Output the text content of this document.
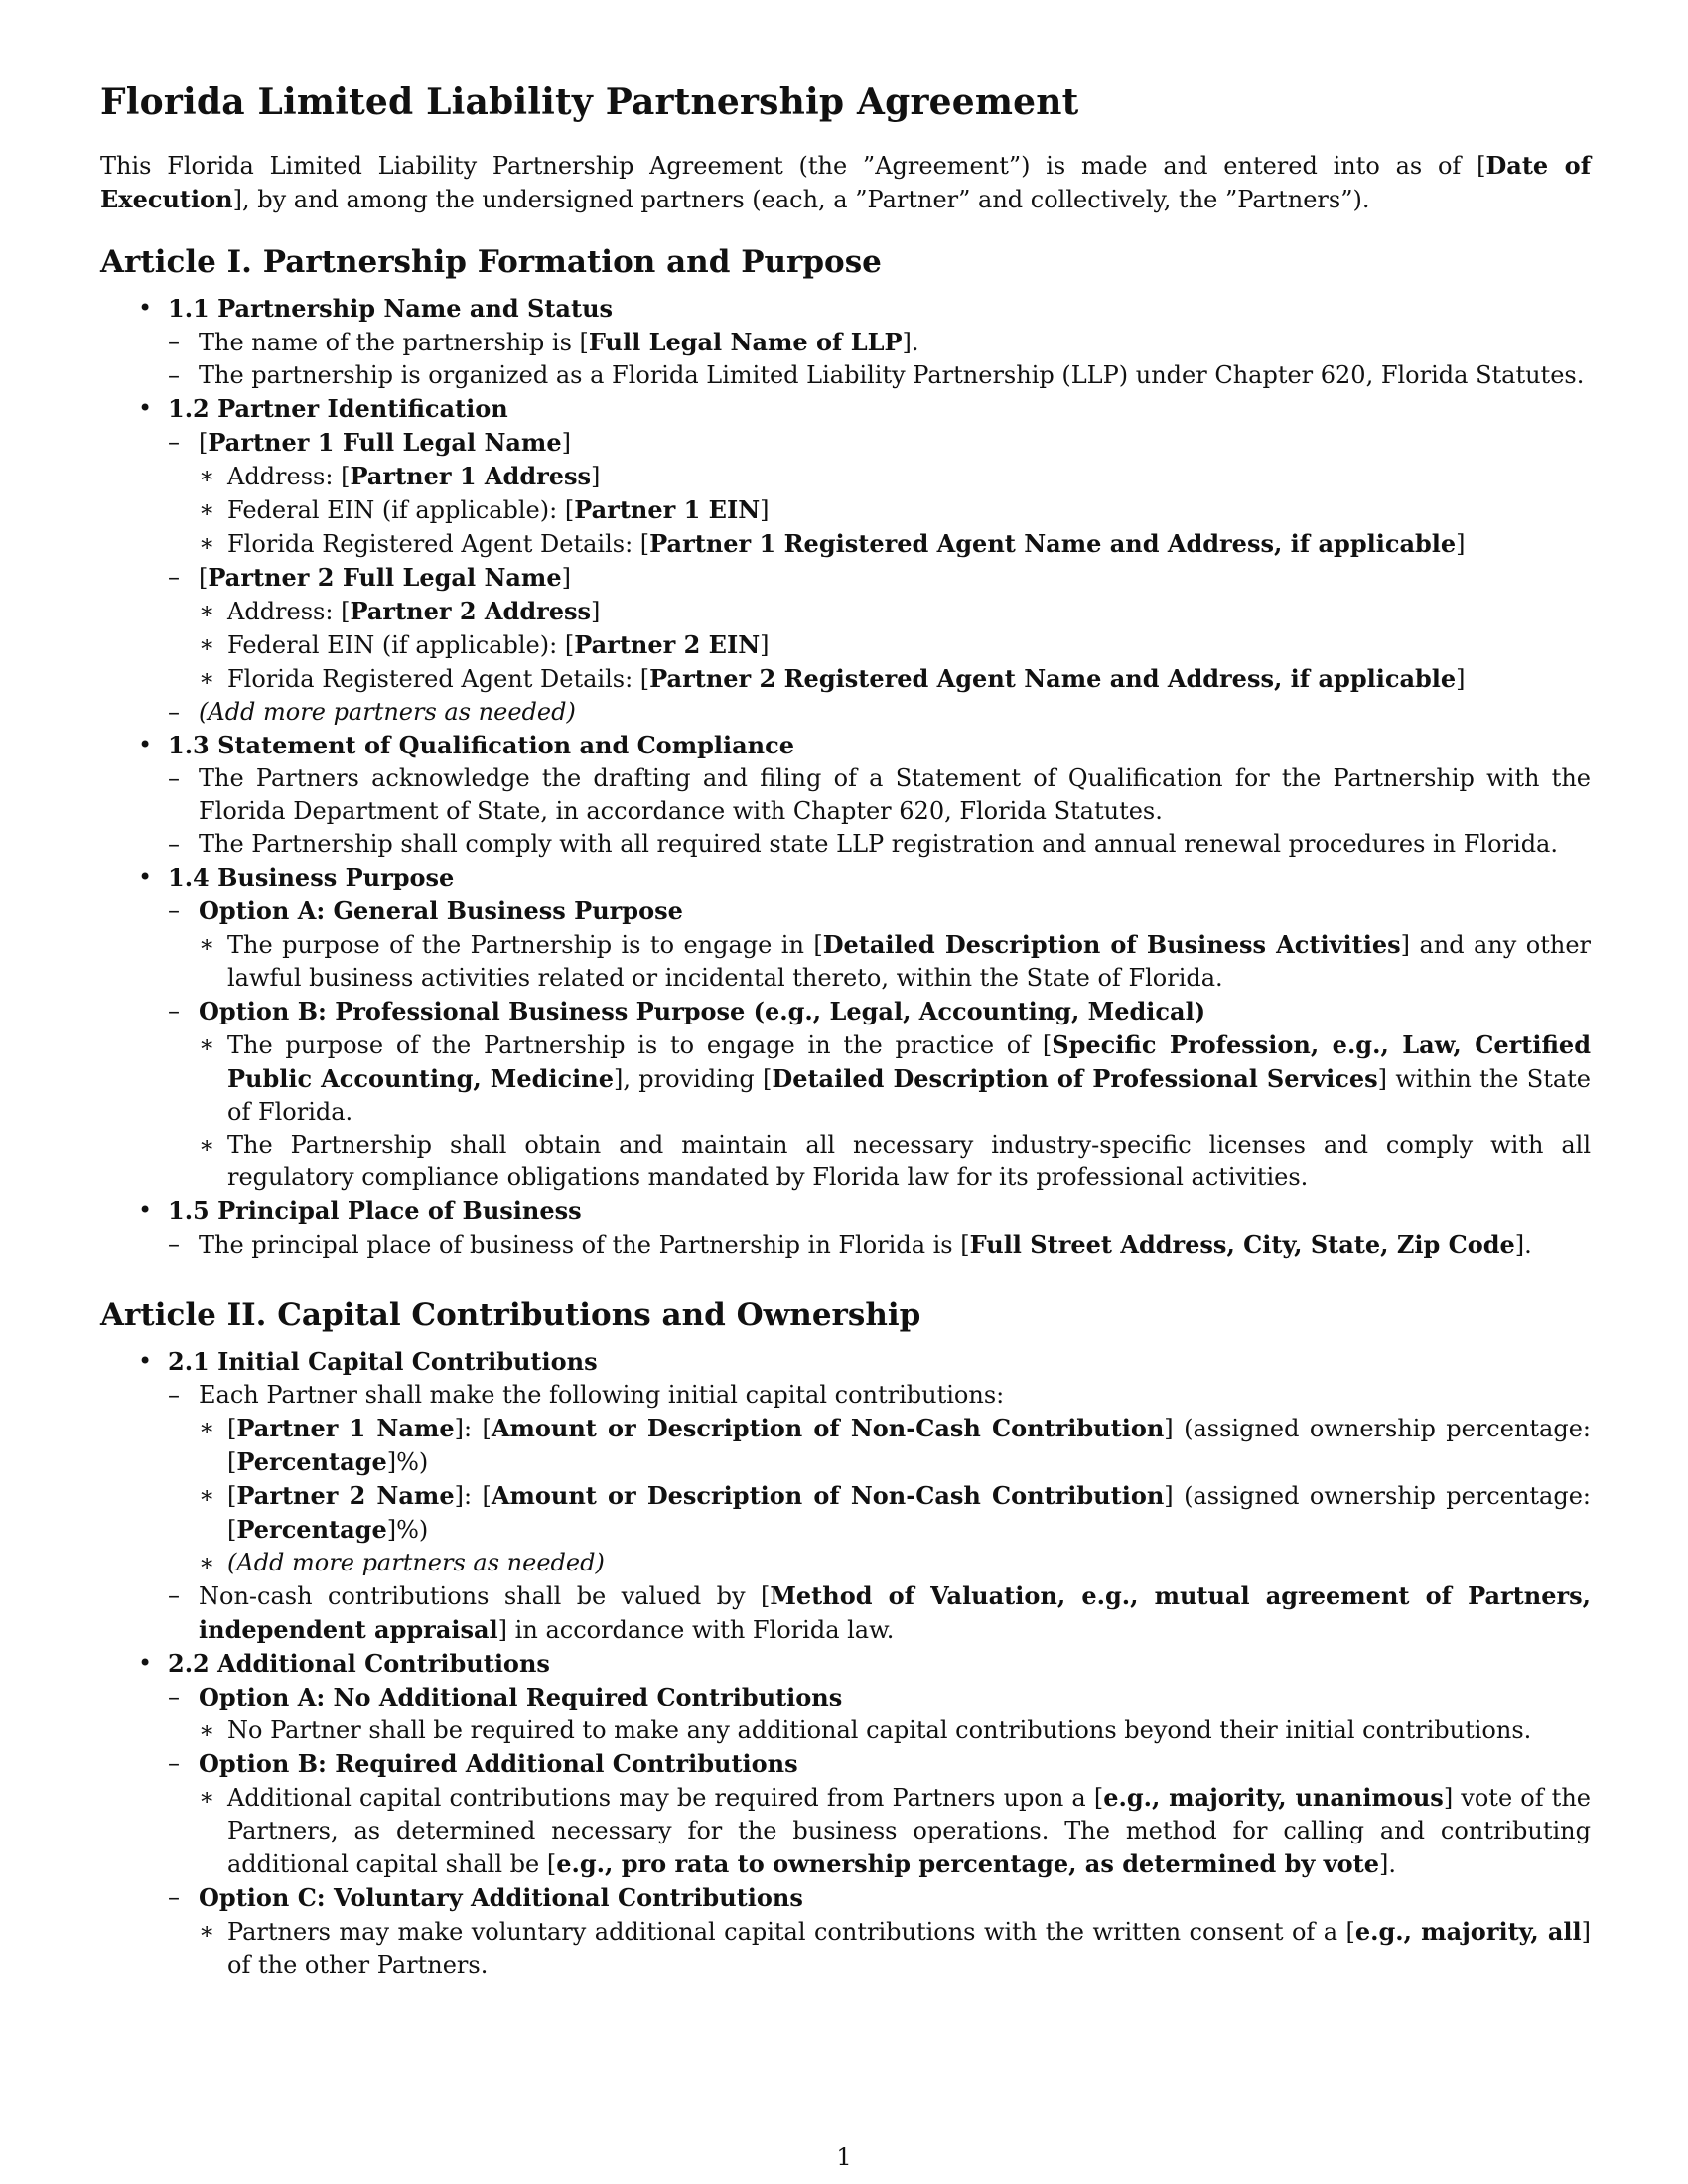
Florida Limited Liability Partnership Agreement

This Florida Limited Liability Partnership Agreement (the ”Agreement”) is made and entered into as of [Date of Execution], by and among the undersigned partners (each, a ”Partner” and collectively, the ”Partners”).

Article I. Partnership Formation and Purpose
• 1.1 Partnership Name and Status
– The name of the partnership is [Full Legal Name of LLP].
– The partnership is organized as a Florida Limited Liability Partnership (LLP) under Chapter 620, Florida Statutes.
• 1.2 Partner Identification
– [Partner 1 Full Legal Name]
∗ Address: [Partner 1 Address]
∗ Federal EIN (if applicable): [Partner 1 EIN]
∗ Florida Registered Agent Details: [Partner 1 Registered Agent Name and Address, if applicable]
– [Partner 2 Full Legal Name]
∗ Address: [Partner 2 Address]
∗ Federal EIN (if applicable): [Partner 2 EIN]
∗ Florida Registered Agent Details: [Partner 2 Registered Agent Name and Address, if applicable]
– (Add more partners as needed)
• 1.3 Statement of Qualification and Compliance
– The Partners acknowledge the drafting and filing of a Statement of Qualification for the Partnership with the Florida Department of State, in accordance with Chapter 620, Florida Statutes.
– The Partnership shall comply with all required state LLP registration and annual renewal procedures in Florida.
• 1.4 Business Purpose
– Option A: General Business Purpose
∗ The purpose of the Partnership is to engage in [Detailed Description of Business Activities] and any other lawful business activities related or incidental thereto, within the State of Florida.
– Option B: Professional Business Purpose (e.g., Legal, Accounting, Medical)
∗ The purpose of the Partnership is to engage in the practice of [Specific Profession, e.g., Law, Certified Public Accounting, Medicine], providing [Detailed Description of Professional Services] within the State of Florida.
∗ The Partnership shall obtain and maintain all necessary industry-specific licenses and comply with all regulatory compliance obligations mandated by Florida law for its professional activities.
• 1.5 Principal Place of Business
– The principal place of business of the Partnership in Florida is [Full Street Address, City, State, Zip Code].
Article II. Capital Contributions and Ownership
• 2.1 Initial Capital Contributions
– Each Partner shall make the following initial capital contributions:
∗ [Partner 1 Name]: [Amount or Description of Non-Cash Contribution] (assigned ownership percentage: [Percentage]%)
∗ [Partner 2 Name]: [Amount or Description of Non-Cash Contribution] (assigned ownership percentage: [Percentage]%)
∗ (Add more partners as needed)
– Non-cash contributions shall be valued by [Method of Valuation, e.g., mutual agreement of Partners, independent appraisal] in accordance with Florida law.
• 2.2 Additional Contributions
– Option A: No Additional Required Contributions
∗ No Partner shall be required to make any additional capital contributions beyond their initial contributions.
– Option B: Required Additional Contributions
∗ Additional capital contributions may be required from Partners upon a [e.g., majority, unanimous] vote of the Partners, as determined necessary for the business operations. The method for calling and contributing additional capital shall be [e.g., pro rata to ownership percentage, as determined by vote].
– Option C: Voluntary Additional Contributions
∗ Partners may make voluntary additional capital contributions with the written consent of a [e.g., majority, all] of the other Partners.
1
